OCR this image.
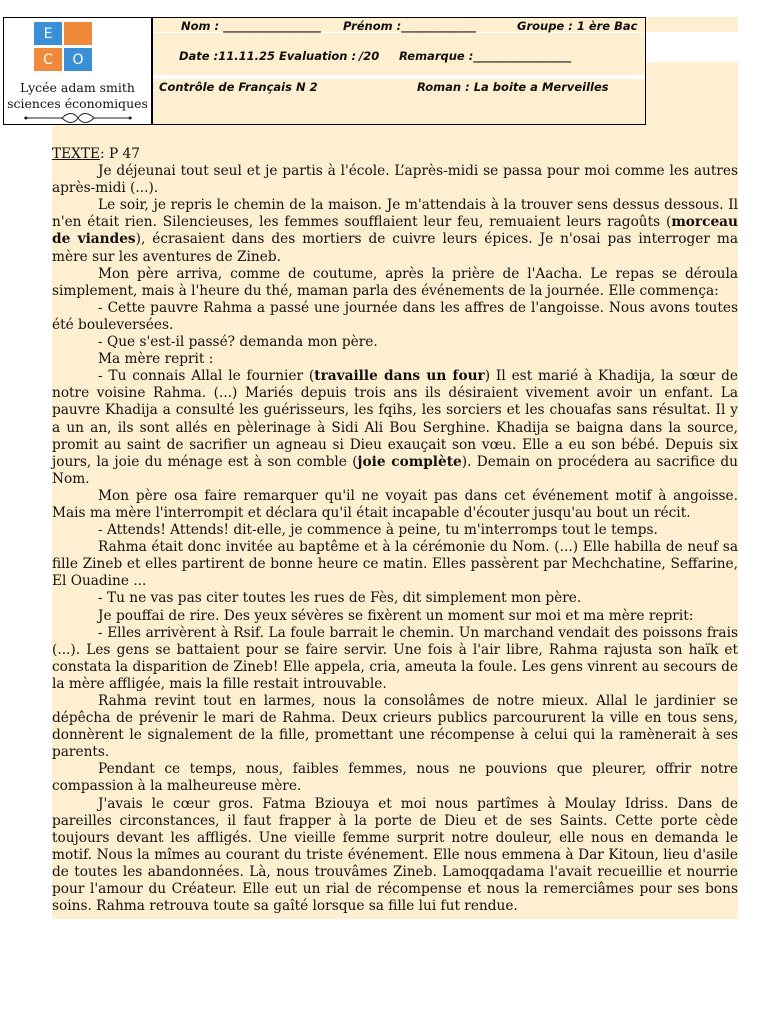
E
C	O
Lycée adam smith
sciences économiques
Nom : _________________ Prénom :_____________	Groupe : 1 ère Bac
Date :11.11.25 Evaluation : /20 Remarque :_________________
Contrôle de Français N 2	Roman : La boite a Merveilles

TEXTE: P 47

Je déjeunai tout seul et je partis à l'école. L’après-midi se passa pour moi comme les autres après-midi (...).

Le soir, je repris le chemin de la maison. Je m'attendais à la trouver sens dessus dessous. Il n'en était rien. Silencieuses, les femmes soufflaient leur feu, remuaient leurs ragoûts (morceau de viandes), écrasaient dans des mortiers de cuivre leurs épices. Je n'osai pas interroger ma mère sur les aventures de Zineb.

Mon père arriva, comme de coutume, après la prière de l'Aacha. Le repas se déroula simplement, mais à l'heure du thé, maman parla des événements de la journée. Elle commença:

- Cette pauvre Rahma a passé une journée dans les affres de l'angoisse. Nous avons toutes été bouleversées.

- Que s'est-il passé? demanda mon père.

Ma mère reprit :

- Tu connais Allal le fournier (travaille dans un four) Il est marié à Khadija, la sœur de notre voisine Rahma. (...) Mariés depuis trois ans ils désiraient vivement avoir un enfant. La pauvre Khadija a consulté les guérisseurs, les fqihs, les sorciers et les chouafas sans résultat. Il y a un an, ils sont allés en pèlerinage à Sidi Ali Bou Serghine. Khadija se baigna dans la source, promit au saint de sacrifier un agneau si Dieu exauçait son vœu. Elle a eu son bébé. Depuis six jours, la joie du ménage est à son comble (joie complète). Demain on procédera au sacrifice du Nom.

Mon père osa faire remarquer qu'il ne voyait pas dans cet événement motif à angoisse. Mais ma mère l'interrompit et déclara qu'il était incapable d'écouter jusqu'au bout un récit.

- Attends! Attends! dit-elle, je commence à peine, tu m'interromps tout le temps.

Rahma était donc invitée au baptême et à la cérémonie du Nom. (...) Elle habilla de neuf sa fille Zineb et elles partirent de bonne heure ce matin. Elles passèrent par Mechchatine, Seffarine, El Ouadine ...

- Tu ne vas pas citer toutes les rues de Fès, dit simplement mon père.

Je pouffai de rire. Des yeux sévères se fixèrent un moment sur moi et ma mère reprit:

- Elles arrivèrent à Rsif. La foule barrait le chemin. Un marchand vendait des poissons frais (...). Les gens se battaient pour se faire servir. Une fois à l'air libre, Rahma rajusta son haïk et constata la disparition de Zineb! Elle appela, cria, ameuta la foule. Les gens vinrent au secours de la mère affligée, mais la fille restait introuvable.

Rahma revint tout en larmes, nous la consolâmes de notre mieux. Allal le jardinier se dépêcha de prévenir le mari de Rahma. Deux crieurs publics parcoururent la ville en tous sens, donnèrent le signalement de la fille, promettant une récompense à celui qui la ramènerait à ses parents.

Pendant ce temps, nous, faibles femmes, nous ne pouvions que pleurer, offrir notre compassion à la malheureuse mère.

J'avais le cœur gros. Fatma Bziouya et moi nous partîmes à Moulay Idriss. Dans de pareilles circonstances, il faut frapper à la porte de Dieu et de ses Saints. Cette porte cède toujours devant les affligés. Une vieille femme surprit notre douleur, elle nous en demanda le motif. Nous la mîmes au courant du triste événement. Elle nous emmena à Dar Kitoun, lieu d'asile de toutes les abandonnées. Là, nous trouvâmes Zineb. Lamoqqadama l'avait recueillie et nourrie pour l'amour du Créateur. Elle eut un rial de récompense et nous la remerciâmes pour ses bons soins. Rahma retrouva toute sa gaîté lorsque sa fille lui fut rendue.
